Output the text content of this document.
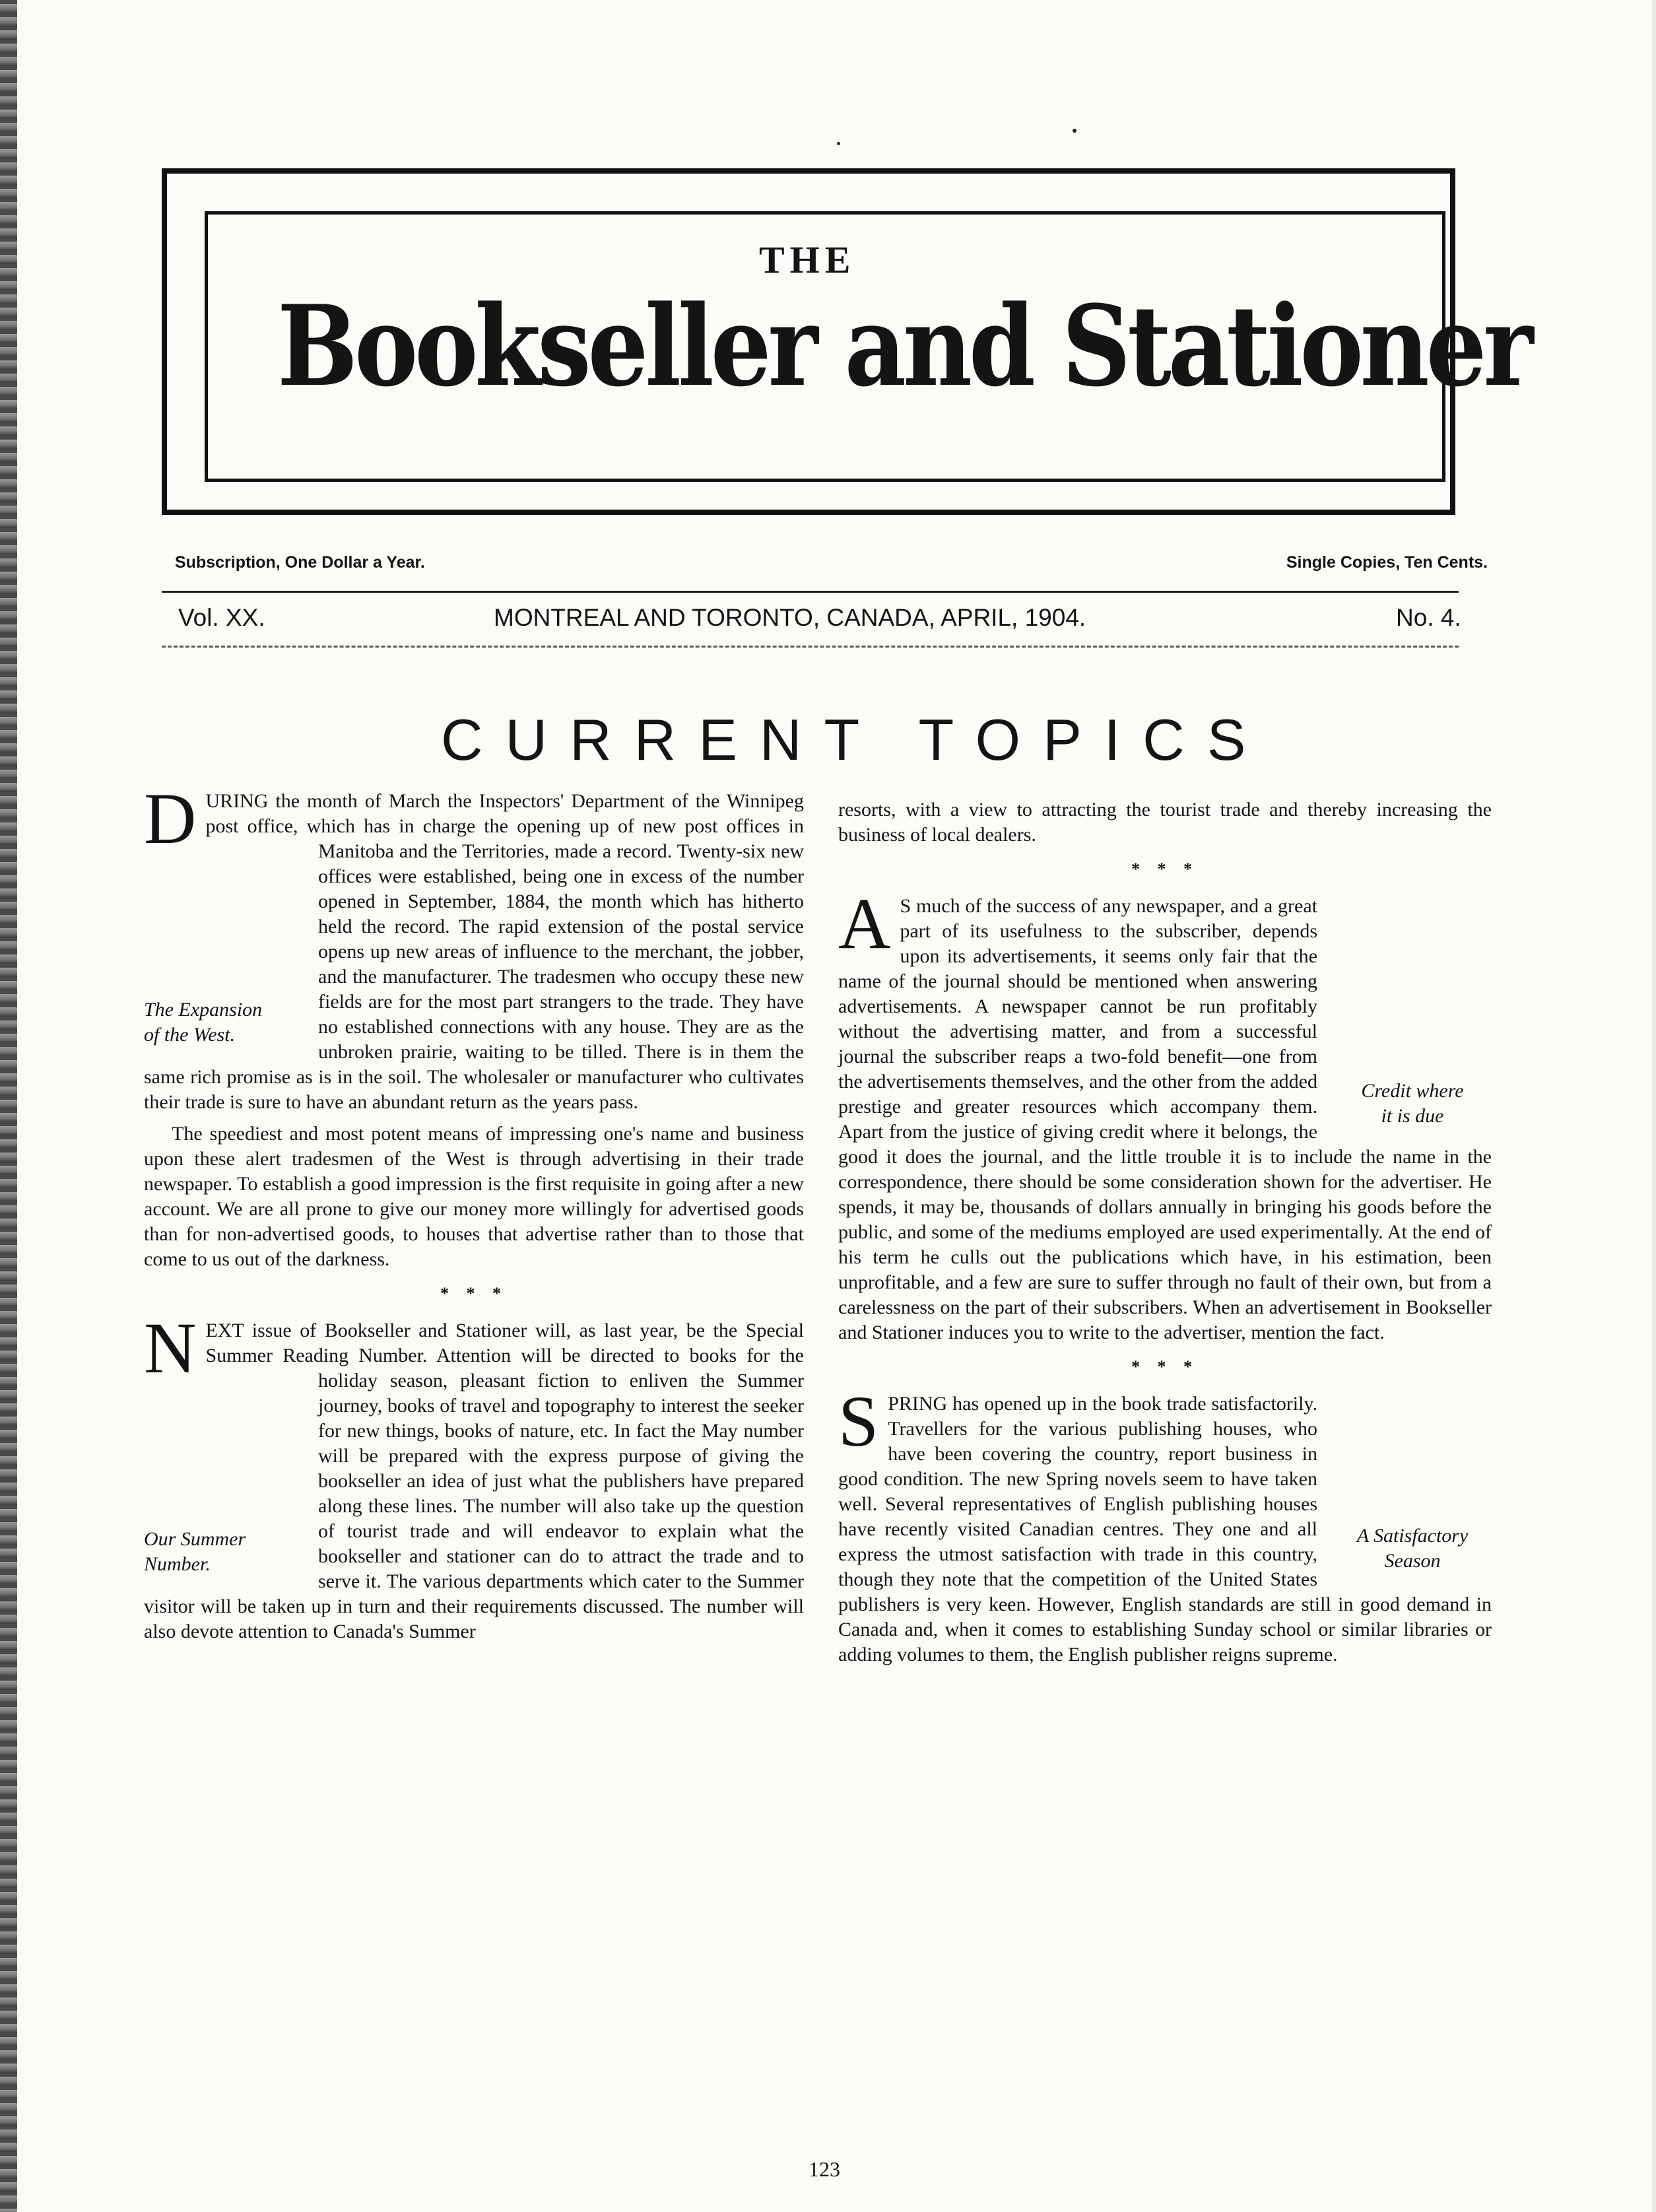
THE
Bookseller and Stationer
Subscription, One Dollar a Year.	Single Copies, Ten Cents.
Vol. XX.	MONTREAL AND TORONTO, CANADA, APRIL, 1904.	No. 4.
CURRENT TOPICS

D
The Expansion
of the West.
URING the month of March the Inspectors' Department of the Winnipeg post office, which has in charge the opening up of new post offices in Manitoba and the Territories, made a record. Twenty-six new offices were established, being one in excess of the number opened in September, 1884, the month which has hitherto held the record. The rapid extension of the postal service opens up new areas of influence to the merchant, the jobber, and the manufacturer. The tradesmen who occupy these new fields are for the most part strangers to the trade. They have no established connections with any house. They are as the unbroken prairie, waiting to be tilled. There is in them the same rich promise as is in the soil. The wholesaler or manufacturer who cultivates their trade is sure to have an abundant return as the years pass.

The speediest and most potent means of impressing one's name and business upon these alert tradesmen of the West is through advertising in their trade newspaper. To establish a good impression is the first requisite in going after a new account. We are all prone to give our money more willingly for advertised goods than for non-advertised goods, to houses that advertise rather than to those that come to us out of the darkness.

* * *

N
Our Summer
Number.
EXT issue of Bookseller and Stationer will, as last year, be the Special Summer Reading Number. Attention will be directed to books for the holiday season, pleasant fiction to enliven the Summer journey, books of travel and topography to interest the seeker for new things, books of nature, etc. In fact the May number will be prepared with the express purpose of giving the bookseller an idea of just what the publishers have prepared along these lines. The number will also take up the question of tourist trade and will endeavor to explain what the bookseller and stationer can do to attract the trade and to serve it. The various departments which cater to the Summer visitor will be taken up in turn and their requirements discussed. The number will also devote attention to Canada's Summer

resorts, with a view to attracting the tourist trade and thereby increasing the business of local dealers.

* * *

A
Credit where
it is due
S much of the success of any newspaper, and a great part of its usefulness to the subscriber, depends upon its advertisements, it seems only fair that the name of the journal should be mentioned when answering advertisements. A newspaper cannot be run profitably without the advertising matter, and from a successful journal the subscriber reaps a two-fold benefit—one from the advertisements themselves, and the other from the added prestige and greater resources which accompany them. Apart from the justice of giving credit where it belongs, the good it does the journal, and the little trouble it is to include the name in the correspondence, there should be some consideration shown for the advertiser. He spends, it may be, thousands of dollars annually in bringing his goods before the public, and some of the mediums employed are used experimentally. At the end of his term he culls out the publications which have, in his estimation, been unprofitable, and a few are sure to suffer through no fault of their own, but from a carelessness on the part of their subscribers. When an advertisement in Bookseller and Stationer induces you to write to the advertiser, mention the fact.

* * *

S
A Satisfactory
Season
PRING has opened up in the book trade satisfactorily. Travellers for the various publishing houses, who have been covering the country, report business in good condition. The new Spring novels seem to have taken well. Several representatives of English publishing houses have recently visited Canadian centres. They one and all express the utmost satisfaction with trade in this country, though they note that the competition of the United States publishers is very keen. However, English standards are still in good demand in Canada and, when it comes to establishing Sunday school or similar libraries or adding volumes to them, the English publisher reigns supreme.

123
